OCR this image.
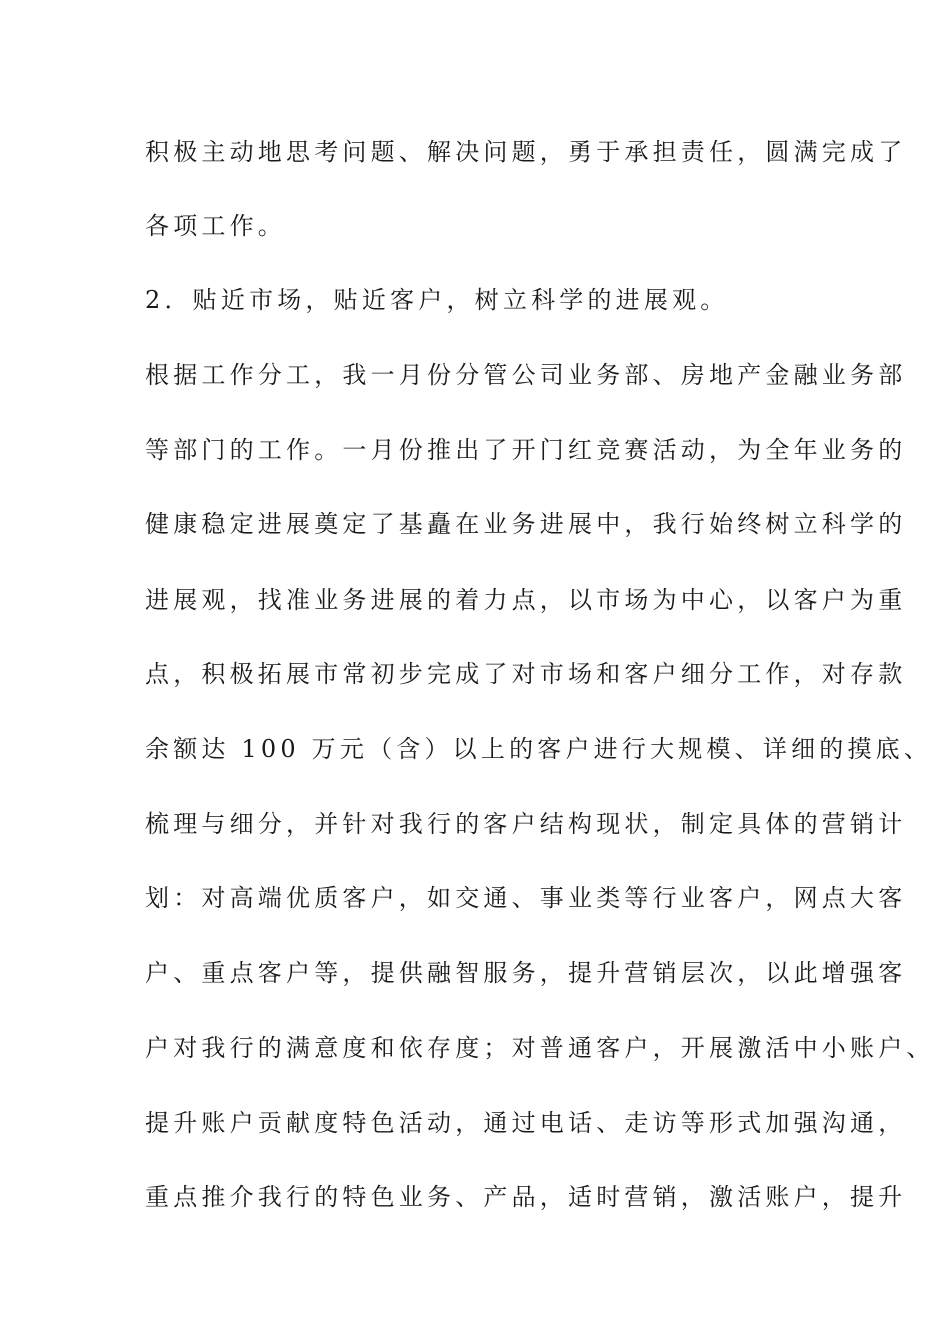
积极主动地思考问题、解决问题，勇于承担责任，圆满完成了
各项工作。
2．贴近市场，贴近客户，树立科学的进展观。
根据工作分工，我一月份分管公司业务部、房地产金融业务部
等部门的工作。一月份推出了开门红竞赛活动，为全年业务的
健康稳定进展奠定了基矗在业务进展中，我行始终树立科学的
进展观，找准业务进展的着力点，以市场为中心，以客户为重
点，积极拓展市常初步完成了对市场和客户细分工作，对存款
余额达 100 万元（含）以上的客户进行大规模、详细的摸底、
梳理与细分，并针对我行的客户结构现状，制定具体的营销计
划：对高端优质客户，如交通、事业类等行业客户，网点大客
户、重点客户等，提供融智服务，提升营销层次，以此增强客
户对我行的满意度和依存度；对普通客户，开展激活中小账户、
提升账户贡献度特色活动，通过电话、走访等形式加强沟通，
重点推介我行的特色业务、产品，适时营销，激活账户，提升
